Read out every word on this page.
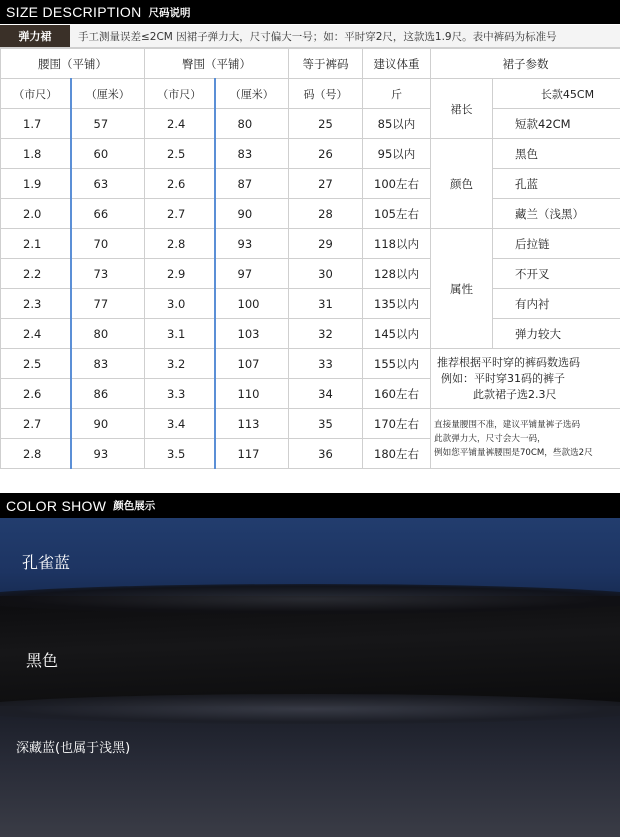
SIZE DESCRIPTION 尺码说明
弹力裙	手工测量误差≤2CM 因裙子弹力大，尺寸偏大一号；如：平时穿2尺，这款选1.9尺。表中裤码为标准号
腰围（平铺）		臀围（平铺）		等于裤码	建议体重	裙子参数	
（市尺）	（厘米）	（市尺）	（厘米）	码（号）	斤	裙长	长款45CM
1.7	57	2.4	80	25	85以内		短款42CM
1.8	60	2.5	83	26	95以内	颜色	黑色
1.9	63	2.6	87	27	100左右		孔蓝
2.0	66	2.7	90	28	105左右		藏兰（浅黑）
2.1	70	2.8	93	29	118以内	属性	后拉链
2.2	73	2.9	97	30	128以内		不开叉
2.3	77	3.0	100	31	135以内		有内衬
2.4	80	3.1	103	32	145以内		弹力较大
2.5	83	3.2	107	33	155以内	推荐根据平时穿的裤码数选码
例如：平时穿31码的裤子
此款裙子选2.3尺	

2.6	86	3.3	110	34	160左右		
2.7	90	3.4	113	35	170左右	直接量腰围不准，建议平铺量裤子选码
此款弹力大，尺寸会大一码，
例如您平铺量裤腰围是70CM，些款选2尺	

2.8	93	3.5	117	36	180左右		
COLOR SHOW 颜色展示
孔雀蓝
黑色
深藏蓝(也属于浅黑)
